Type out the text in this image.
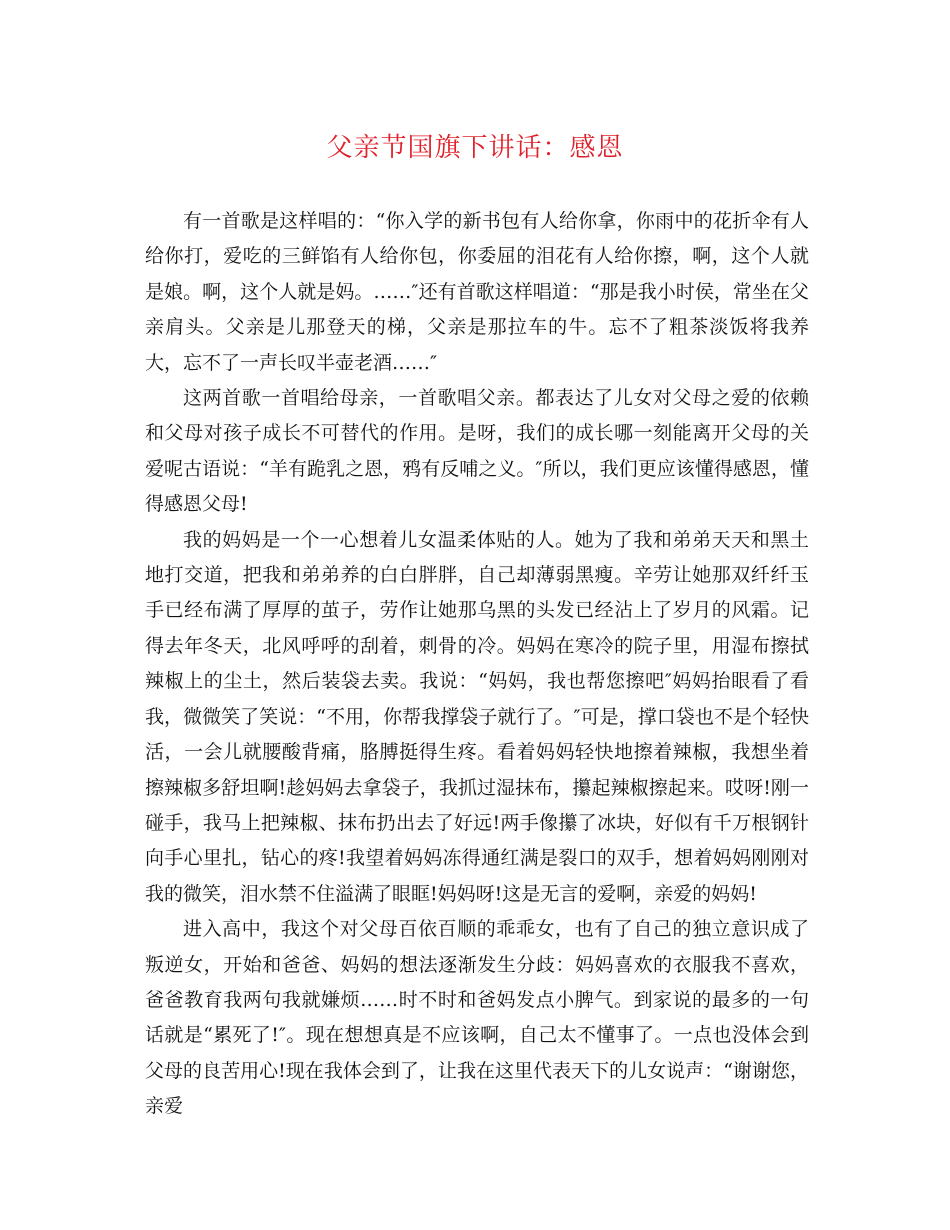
父亲节国旗下讲话：感恩

有一首歌是这样唱的：“你入学的新书包有人给你拿，你雨中的花折伞有人给你打，爱吃的三鲜馅有人给你包，你委屈的泪花有人给你擦，啊，这个人就是娘。啊，这个人就是妈。……″还有首歌这样唱道：“那是我小时侯，常坐在父亲肩头。父亲是儿那登天的梯，父亲是那拉车的牛。忘不了粗茶淡饭将我养大，忘不了一声长叹半壶老酒……″

这两首歌一首唱给母亲，一首歌唱父亲。都表达了儿女对父母之爱的依赖和父母对孩子成长不可替代的作用。是呀，我们的成长哪一刻能离开父母的关爱呢古语说：“羊有跪乳之恩，鸦有反哺之义。″所以，我们更应该懂得感恩，懂得感恩父母!

我的妈妈是一个一心想着儿女温柔体贴的人。她为了我和弟弟天天和黑土地打交道，把我和弟弟养的白白胖胖，自己却薄弱黑瘦。辛劳让她那双纤纤玉手已经布满了厚厚的茧子，劳作让她那乌黑的头发已经沾上了岁月的风霜。记得去年冬天，北风呼呼的刮着，刺骨的冷。妈妈在寒冷的院子里，用湿布擦拭辣椒上的尘土，然后装袋去卖。我说：“妈妈，我也帮您擦吧″妈妈抬眼看了看我，微微笑了笑说：“不用，你帮我撑袋子就行了。″可是，撑口袋也不是个轻快活，一会儿就腰酸背痛，胳膊挺得生疼。看着妈妈轻快地擦着辣椒，我想坐着擦辣椒多舒坦啊!趁妈妈去拿袋子，我抓过湿抹布，攥起辣椒擦起来。哎呀!刚一碰手，我马上把辣椒、抹布扔出去了好远!两手像攥了冰块，好似有千万根钢针向手心里扎，钻心的疼!我望着妈妈冻得通红满是裂口的双手，想着妈妈刚刚对我的微笑，泪水禁不住溢满了眼眶!妈妈呀!这是无言的爱啊，亲爱的妈妈!

进入高中，我这个对父母百依百顺的乖乖女，也有了自己的独立意识成了叛逆女，开始和爸爸、妈妈的想法逐渐发生分歧：妈妈喜欢的衣服我不喜欢，爸爸教育我两句我就嫌烦……时不时和爸妈发点小脾气。到家说的最多的一句话就是“累死了!″。现在想想真是不应该啊，自己太不懂事了。一点也没体会到父母的良苦用心!现在我体会到了，让我在这里代表天下的儿女说声：“谢谢您，亲爱
